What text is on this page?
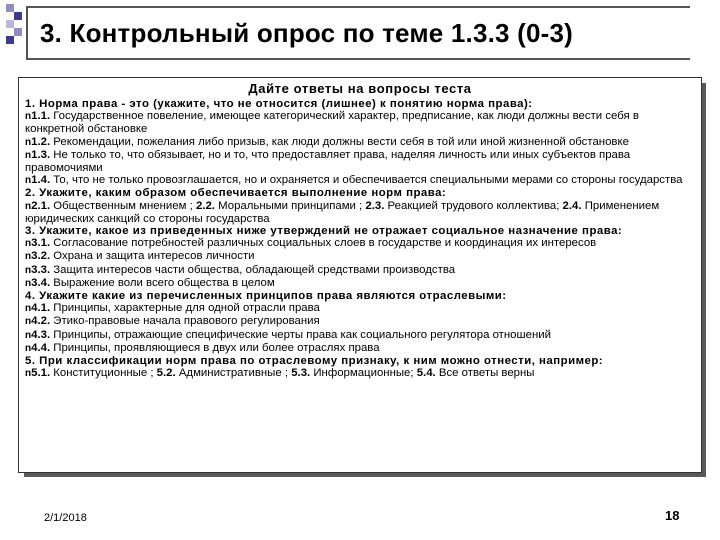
3. Контрольный опрос по теме 1.3.3 (0-3)
Дайте ответы на вопросы теста
1. Норма права - это (укажите, что не относится (лишнее) к понятию норма права):
n1.1. Государственное повеление, имеющее категорический характер, предписание, как люди должны вести себя в конкретной обстановке
n1.2. Рекомендации, пожелания либо призыв, как люди должны вести себя в той или иной жизненной обстановке
n1.3. Не только то, что обязывает, но и то, что предоставляет права, наделяя личность или иных субъектов права правомочиями
n1.4. То, что не только провозглашается, но и охраняется и обеспечивается специальными мерами со стороны государства
2. Укажите, каким образом обеспечивается выполнение норм права:
n2.1. Общественным мнением ; 2.2. Моральными принципами ; 2.3. Реакцией трудового коллектива; 2.4. Применением юридических санкций со стороны государства
3. Укажите, какое из приведенных ниже утверждений не отражает социальное назначение права:
n3.1. Согласование потребностей различных социальных слоев в государстве и координация их интересов
n3.2. Охрана и защита интересов личности
n3.3. Защита интересов части общества, обладающей средствами производства
n3.4. Выражение воли всего общества в целом
4. Укажите какие из перечисленных принципов права являются отраслевыми:
n4.1. Принципы, характерные для одной отрасли права
n4.2. Этико-правовые начала правового регулирования
n4.3. Принципы, отражающие специфические черты права как социального регулятора отношений
n4.4. Принципы, проявляющиеся в двух или более отраслях права
5. При классификации норм права по отраслевому признаку, к ним можно отнести, например:
n5.1. Конституционные ; 5.2. Административные ; 5.3. Информационные; 5.4. Все ответы верны
2/1/2018	18
